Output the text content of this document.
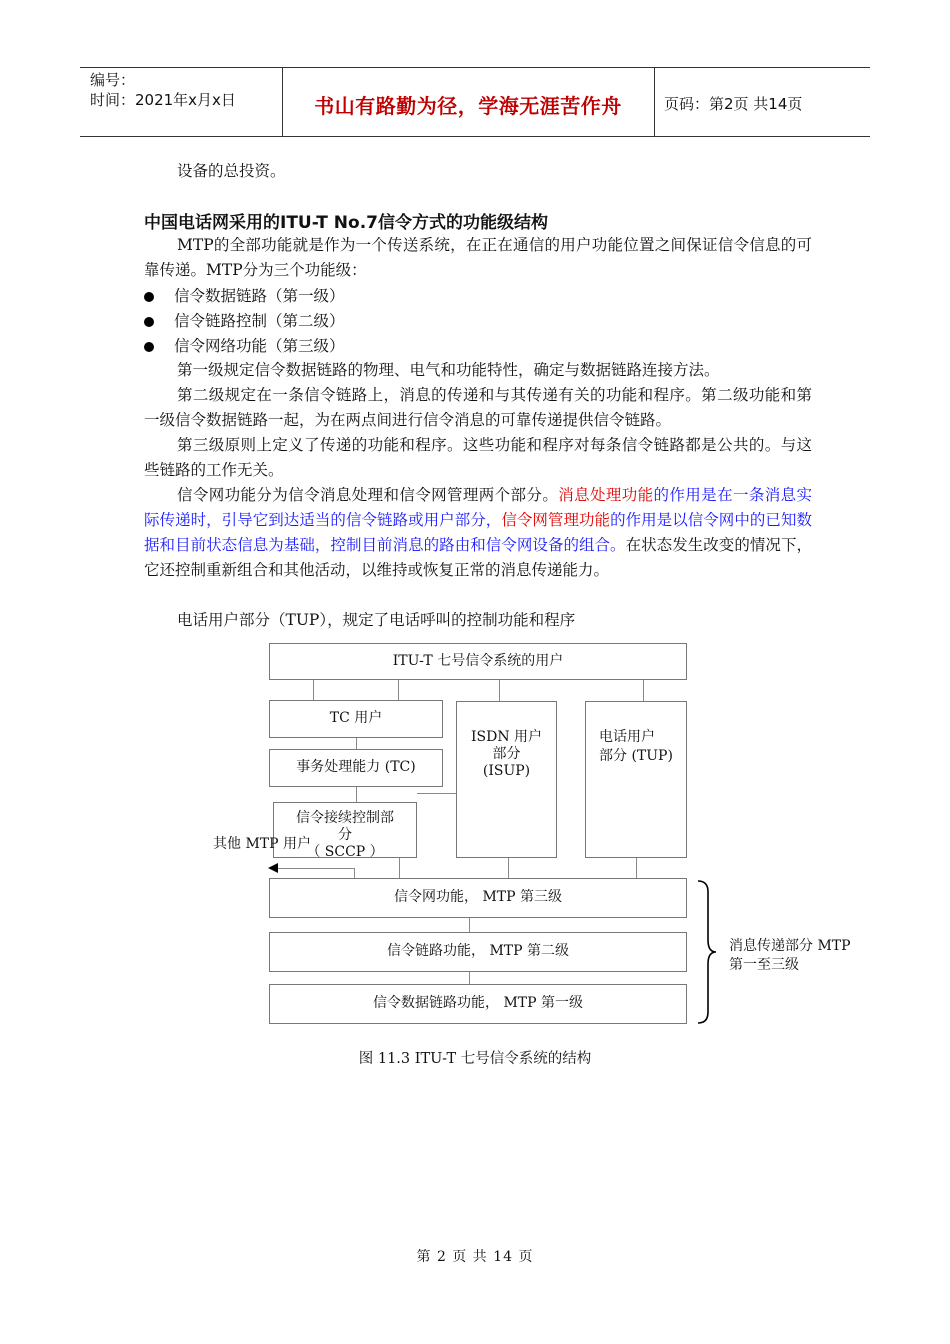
编号：
时间：2021年x月x日	书山有路勤为径，学海无涯苦作舟	页码：第2页 共14页
设备的总投资。
中国电话网采用的ITU-T No.7信令方式的功能级结构
MTP的全部功能就是作为一个传送系统，在正在通信的用户功能位置之间保证信令信息的可靠传递。MTP分为三个功能级：
信令数据链路（第一级）
信令链路控制（第二级）
信令网络功能（第三级）
第一级规定信令数据链路的物理、电气和功能特性，确定与数据链路连接方法。
第二级规定在一条信令链路上，消息的传递和与其传递有关的功能和程序。第二级功能和第一级信令数据链路一起，为在两点间进行信令消息的可靠传递提供信令链路。
第三级原则上定义了传递的功能和程序。这些功能和程序对每条信令链路都是公共的。与这些链路的工作无关。
信令网功能分为信令消息处理和信令网管理两个部分。消息处理功能的作用是在一条消息实际传递时，引导它到达适当的信令链路或用户部分，信令网管理功能的作用是以信令网中的已知数据和目前状态信息为基础，控制目前消息的路由和信令网设备的组合。在状态发生改变的情况下，它还控制重新组合和其他活动，以维持或恢复正常的消息传递能力。
电话用户部分（TUP），规定了电话呼叫的控制功能和程序
ITU-T 七号信令系统的用户
TC 用户
事务处理能力 (TC)
信令接续控制部
分
（ SCCP ）
ISDN 用户
部分
(ISUP)
电话用户
部分 (TUP)
其他 MTP 用户
信令网功能， MTP 第三级
信令链路功能， MTP 第二级
信令数据链路功能， MTP 第一级
消息传递部分 MTP
第一至三级
图 11.3 ITU-T 七号信令系统的结构
第 2 页 共 14 页
